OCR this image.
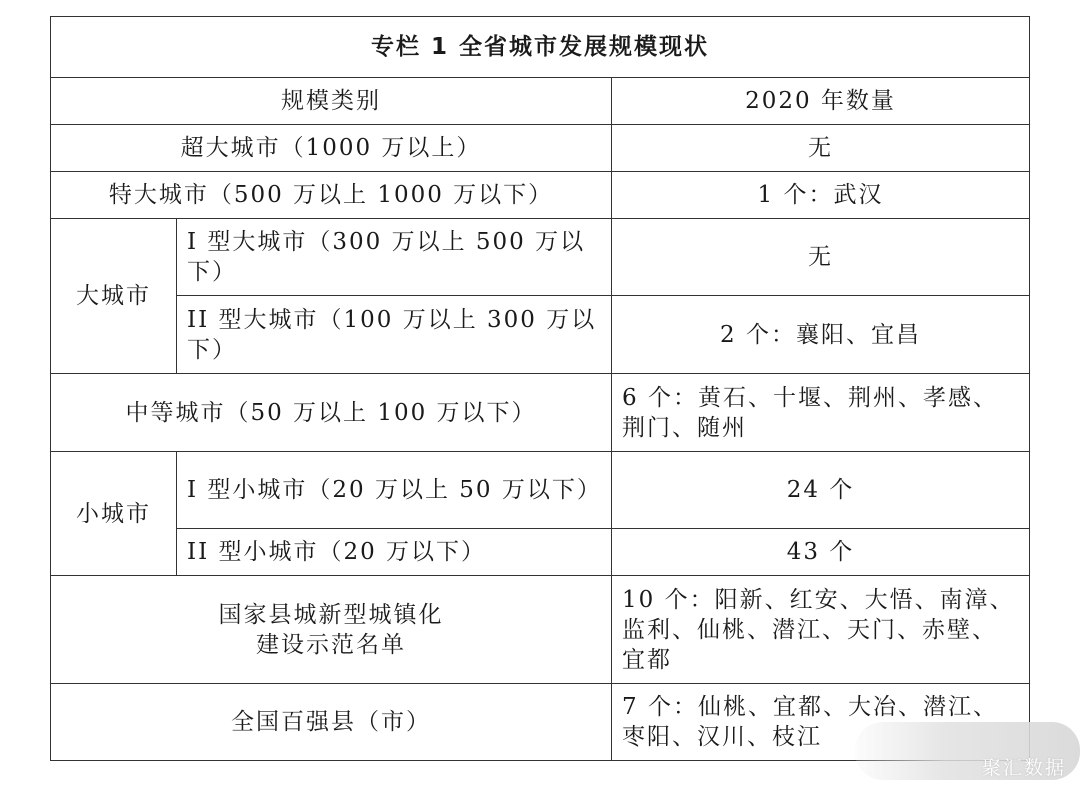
专栏 1 全省城市发展规模现状		
规模类别		2020 年数量
超大城市（1000 万以上）		无
特大城市（500 万以上 1000 万以下）		1 个：武汉
大城市	I 型大城市（300 万以上 500 万以下）	无
	II 型大城市（100 万以上 300 万以下）	2 个：襄阳、宜昌
中等城市（50 万以上 100 万以下）		6 个：黄石、十堰、荆州、孝感、荆门、随州
小城市	I 型小城市（20 万以上 50 万以下）	24 个
	II 型小城市（20 万以下）	43 个

国家县城新型城镇化
建设示范名单		10 个：阳新、红安、大悟、南漳、监利、仙桃、潜江、天门、赤壁、宜都
全国百强县（市）		7 个：仙桃、宜都、大冶、潜江、枣阳、汉川、枝江
聚汇数据
